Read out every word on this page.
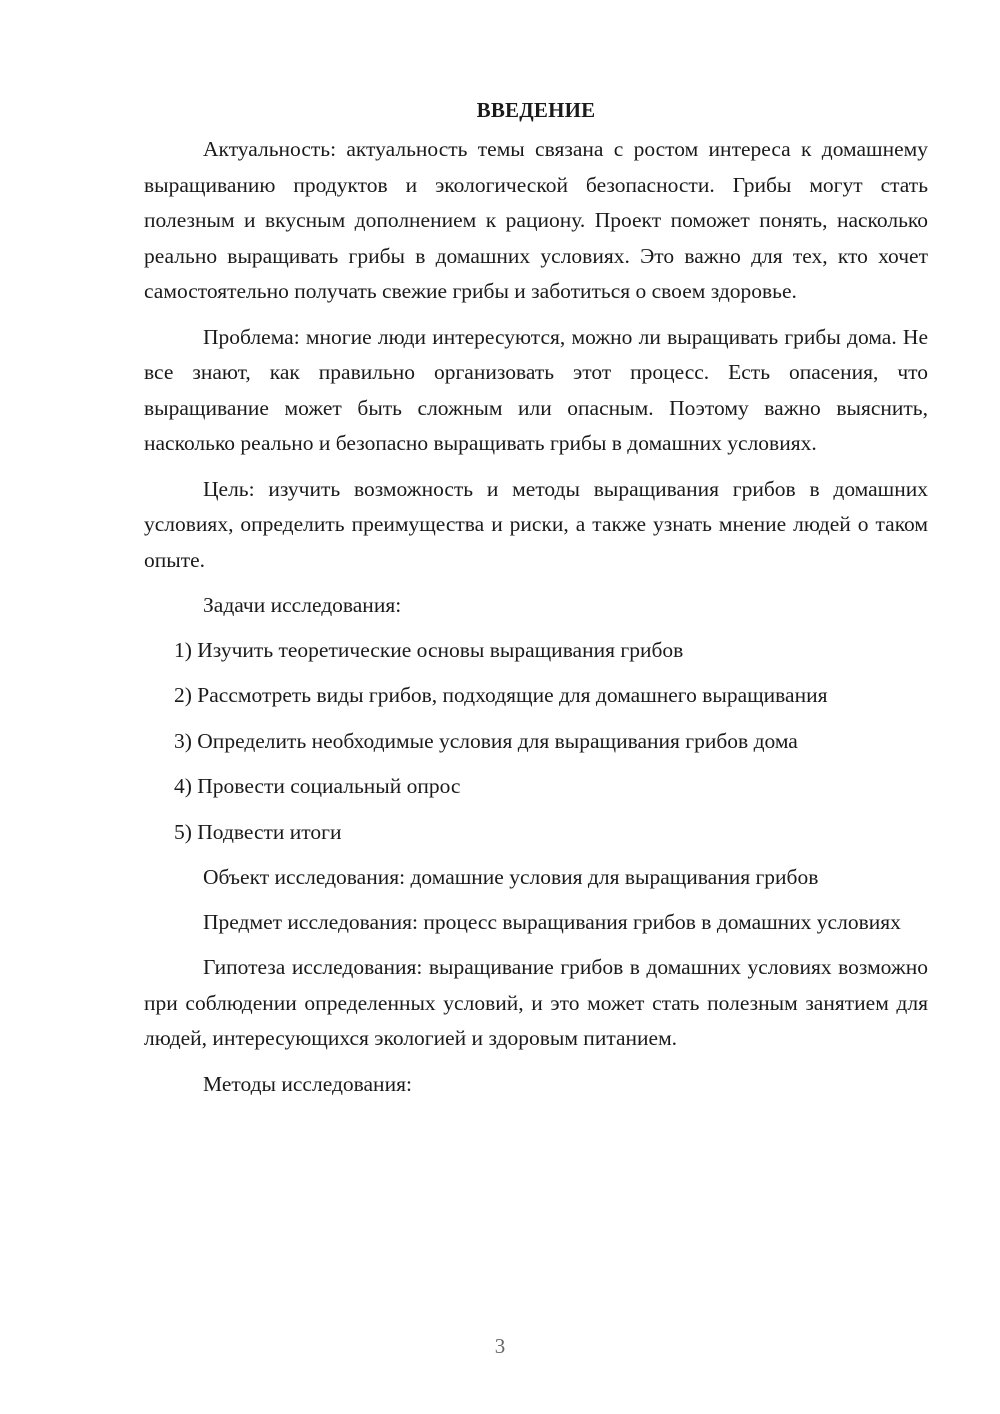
ВВЕДЕНИЕ

Актуальность: актуальность темы связана с ростом интереса к домашнему выращиванию продуктов и экологической безопасности. Грибы могут стать полезным и вкусным дополнением к рациону. Проект поможет понять, насколько реально выращивать грибы в домашних условиях. Это важно для тех, кто хочет самостоятельно получать свежие грибы и заботиться о своем здоровье.

Проблема: многие люди интересуются, можно ли выращивать грибы дома. Не все знают, как правильно организовать этот процесс. Есть опасения, что выращивание может быть сложным или опасным. Поэтому важно выяснить, насколько реально и безопасно выращивать грибы в домашних условиях.

Цель: изучить возможность и методы выращивания грибов в домашних условиях, определить преимущества и риски, а также узнать мнение людей о таком опыте.

Задачи исследования:

1) Изучить теоретические основы выращивания грибов

2) Рассмотреть виды грибов, подходящие для домашнего выращивания

3) Определить необходимые условия для выращивания грибов дома

4) Провести социальный опрос

5) Подвести итоги

Объект исследования: домашние условия для выращивания грибов

Предмет исследования: процесс выращивания грибов в домашних условиях

Гипотеза исследования: выращивание грибов в домашних условиях возможно при соблюдении определенных условий, и это может стать полезным занятием для людей, интересующихся экологией и здоровым питанием.

Методы исследования:

3
